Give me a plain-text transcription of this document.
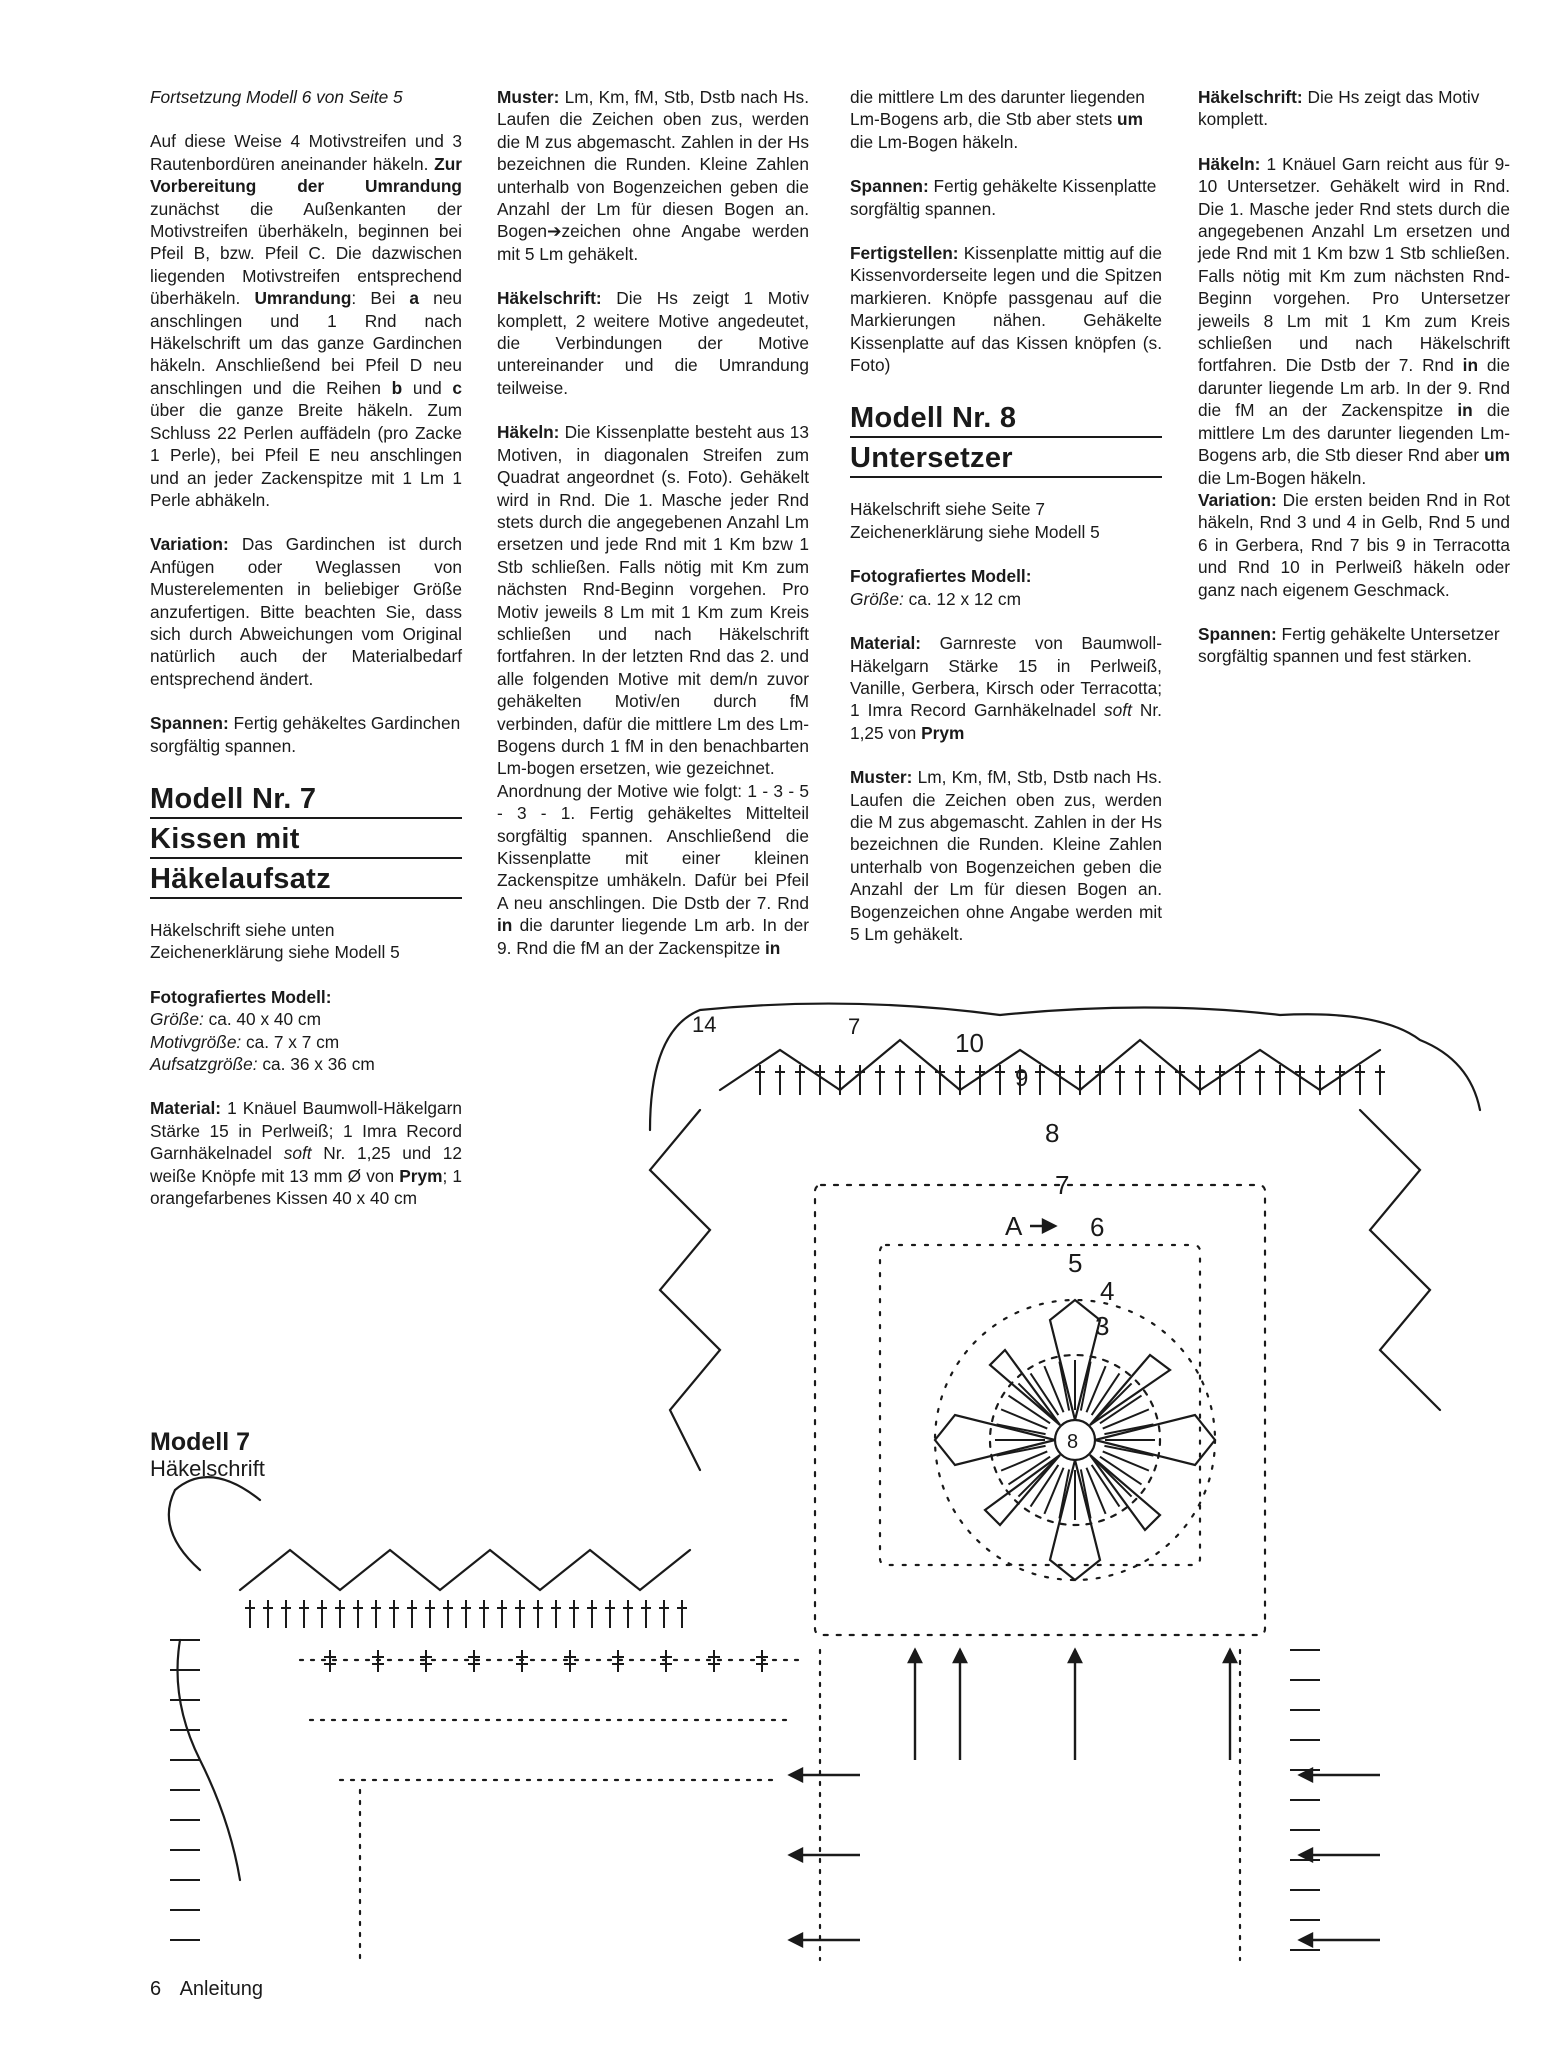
Fortsetzung Modell 6 von Seite 5

Auf diese Weise 4 Motivstreifen und 3 Rautenbordüren aneinander häkeln. Zur Vorbereitung der Umrandung zunächst die Außenkanten der Motivstreifen überhäkeln, beginnen bei Pfeil B, bzw. Pfeil C. Die dazwischen liegenden Motivstreifen entsprechend überhäkeln. Umrandung: Bei a neu anschlingen und 1 Rnd nach Häkelschrift um das ganze Gardinchen häkeln. Anschließend bei Pfeil D neu anschlingen und die Reihen b und c über die ganze Breite häkeln. Zum Schluss 22 Perlen auffädeln (pro Zacke 1 Perle), bei Pfeil E neu anschlingen und an jeder Zackenspitze mit 1 Lm 1 Perle abhäkeln.

Variation: Das Gardinchen ist durch Anfügen oder Weglassen von Musterelementen in beliebiger Größe anzufertigen. Bitte beachten Sie, dass sich durch Abweichungen vom Original natürlich auch der Materialbedarf entsprechend ändert.

Spannen: Fertig gehäkeltes Gardinchen sorgfältig spannen.

Modell Nr. 7
Kissen mit
Häkelaufsatz

Häkelschrift siehe unten
Zeichenerklärung siehe Modell 5

Fotografiertes Modell:
Größe: ca. 40 x 40 cm
Motivgröße: ca. 7 x 7 cm
Aufsatzgröße: ca. 36 x 36 cm

Material: 1 Knäuel Baumwoll-Häkelgarn Stärke 15 in Perlweiß; 1 Imra Record Garnhäkelnadel soft Nr. 1,25 und 12 weiße Knöpfe mit 13 mm Ø von Prym; 1 orangefarbenes Kissen 40 x 40 cm

Muster: Lm, Km, fM, Stb, Dstb nach Hs. Laufen die Zeichen oben zus, werden die M zus abgemascht. Zahlen in der Hs bezeichnen die Runden. Kleine Zahlen unterhalb von Bogenzeichen geben die Anzahl der Lm für diesen Bogen an. Bogen➔zeichen ohne Angabe werden mit 5 Lm gehäkelt.

Häkelschrift: Die Hs zeigt 1 Motiv komplett, 2 weitere Motive angedeutet, die Verbindungen der Motive untereinander und die Umrandung teilweise.

Häkeln: Die Kissenplatte besteht aus 13 Motiven, in diagonalen Streifen zum Quadrat angeordnet (s. Foto). Gehäkelt wird in Rnd. Die 1. Masche jeder Rnd stets durch die angegebenen Anzahl Lm ersetzen und jede Rnd mit 1 Km bzw 1 Stb schließen. Falls nötig mit Km zum nächsten Rnd-Beginn vorgehen. Pro Motiv jeweils 8 Lm mit 1 Km zum Kreis schließen und nach Häkelschrift fortfahren. In der letzten Rnd das 2. und alle folgenden Motive mit dem/n zuvor gehäkelten Motiv/en durch fM verbinden, dafür die mittlere Lm des Lm-Bogens durch 1 fM in den benachbarten Lm-bogen ersetzen, wie gezeichnet.

Anordnung der Motive wie folgt: 1 - 3 - 5 - 3 - 1. Fertig gehäkeltes Mittelteil sorgfältig spannen. Anschließend die Kissenplatte mit einer kleinen Zackenspitze umhäkeln. Dafür bei Pfeil A neu anschlingen. Die Dstb der 7. Rnd in die darunter liegende Lm arb. In der 9. Rnd die fM an der Zackenspitze in

die mittlere Lm des darunter liegenden Lm-Bogens arb, die Stb aber stets um die Lm-Bogen häkeln.

Spannen: Fertig gehäkelte Kissenplatte sorgfältig spannen.

Fertigstellen: Kissenplatte mittig auf die Kissenvorderseite legen und die Spitzen markieren. Knöpfe passgenau auf die Markierungen nähen. Gehäkelte Kissenplatte auf das Kissen knöpfen (s. Foto)

Modell Nr. 8
Untersetzer

Häkelschrift siehe Seite 7
Zeichenerklärung siehe Modell 5

Fotografiertes Modell:
Größe: ca. 12 x 12 cm

Material: Garnreste von Baumwoll-Häkelgarn Stärke 15 in Perlweiß, Vanille, Gerbera, Kirsch oder Terracotta; 1 Imra Record Garnhäkelnadel soft Nr. 1,25 von Prym

Muster: Lm, Km, fM, Stb, Dstb nach Hs. Laufen die Zeichen oben zus, werden die M zus abgemascht. Zahlen in der Hs bezeichnen die Runden. Kleine Zahlen unterhalb von Bogenzeichen geben die Anzahl der Lm für diesen Bogen an. Bogenzeichen ohne Angabe werden mit 5 Lm gehäkelt.

Häkelschrift: Die Hs zeigt das Motiv komplett.

Häkeln: 1 Knäuel Garn reicht aus für 9-10 Untersetzer. Gehäkelt wird in Rnd. Die 1. Masche jeder Rnd stets durch die angegebenen Anzahl Lm ersetzen und jede Rnd mit 1 Km bzw 1 Stb schließen. Falls nötig mit Km zum nächsten Rnd-Beginn vorgehen. Pro Untersetzer jeweils 8 Lm mit 1 Km zum Kreis schließen und nach Häkelschrift fortfahren. Die Dstb der 7. Rnd in die darunter liegende Lm arb. In der 9. Rnd die fM an der Zackenspitze in die mittlere Lm des darunter liegenden Lm-Bogens arb, die Stb dieser Rnd aber um die Lm-Bogen häkeln.

Variation: Die ersten beiden Rnd in Rot häkeln, Rnd 3 und 4 in Gelb, Rnd 5 und 6 in Gerbera, Rnd 7 bis 9 in Terracotta und Rnd 10 in Perlweiß häkeln oder ganz nach eigenem Geschmack.

Spannen: Fertig gehäkelte Untersetzer sorgfältig spannen und fest stärken.

14	7
10
9
8
7
A	6
5
4
3
8
Modell 7
Häkelschrift
6 Anleitung
